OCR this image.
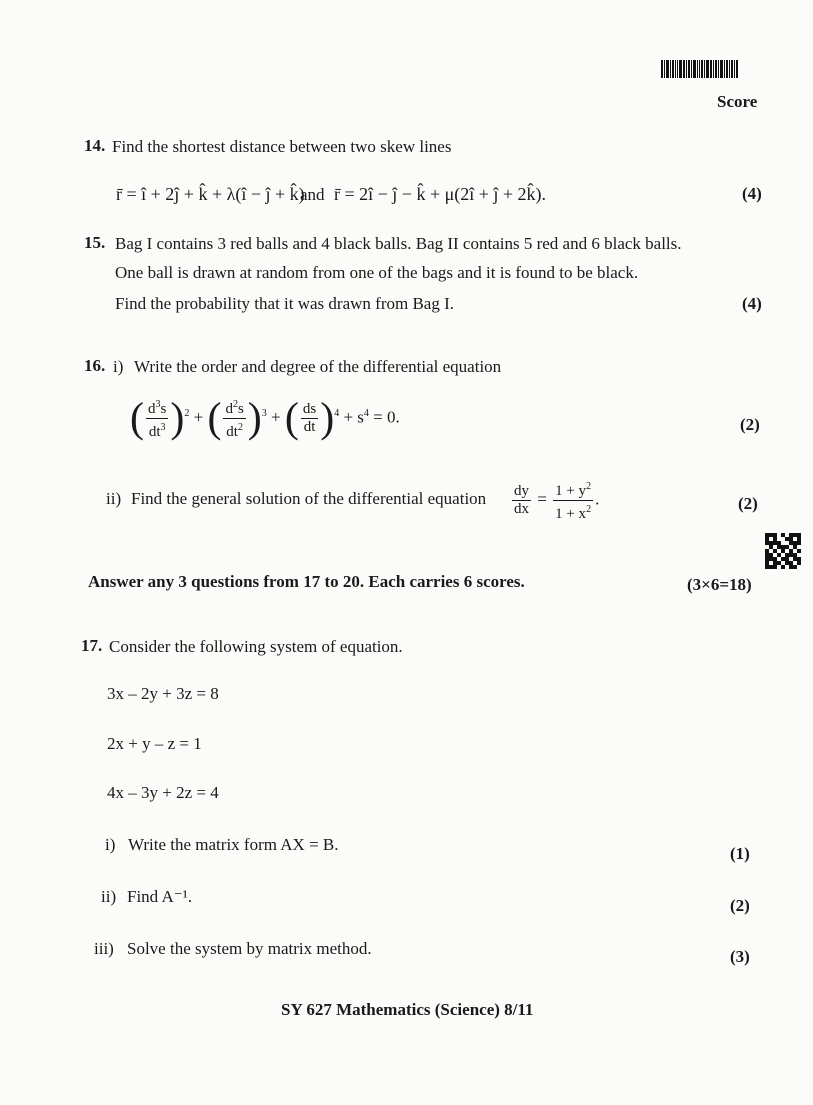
Score
14. Find the shortest distance between two skew lines
r̄ = î + 2ĵ + k̂ + λ(î − ĵ + k̂)
and r̄ = 2î − ĵ − k̂ + μ(2î + ĵ + 2k̂).	(4)
15. Bag I contains 3 red balls and 4 black balls. Bag II contains 5 red and 6 black balls.
One ball is drawn at random from one of the bags and it is found to be black.
Find the probability that it was drawn from Bag I.	(4)
16. i) Write the order and degree of the differential equation
( $\frac{d^3s}{dt^3} )^2$ + ( $\frac{d^2s}{dt^2} )^3$ + ( $\frac{ds}{dt} )^4 + s^4 = 0$.	(2)
ii) Find the general solution of the differential equation $\frac{dy}{dx} = \frac{1 + y^2}{1 + x^2}$ .	(2)
Answer any 3 questions from 17 to 20. Each carries 6 scores.	(3×6=18)
17. Consider the following system of equation.
3x – 2y + 3z = 8
2x + y – z = 1
4x – 3y + 2z = 4
i) Write the matrix form AX = B.	(1)
ii) Find A⁻¹.	(2)
iii) Solve the system by matrix method.	(3)
SY 627 Mathematics (Science) 8/11
